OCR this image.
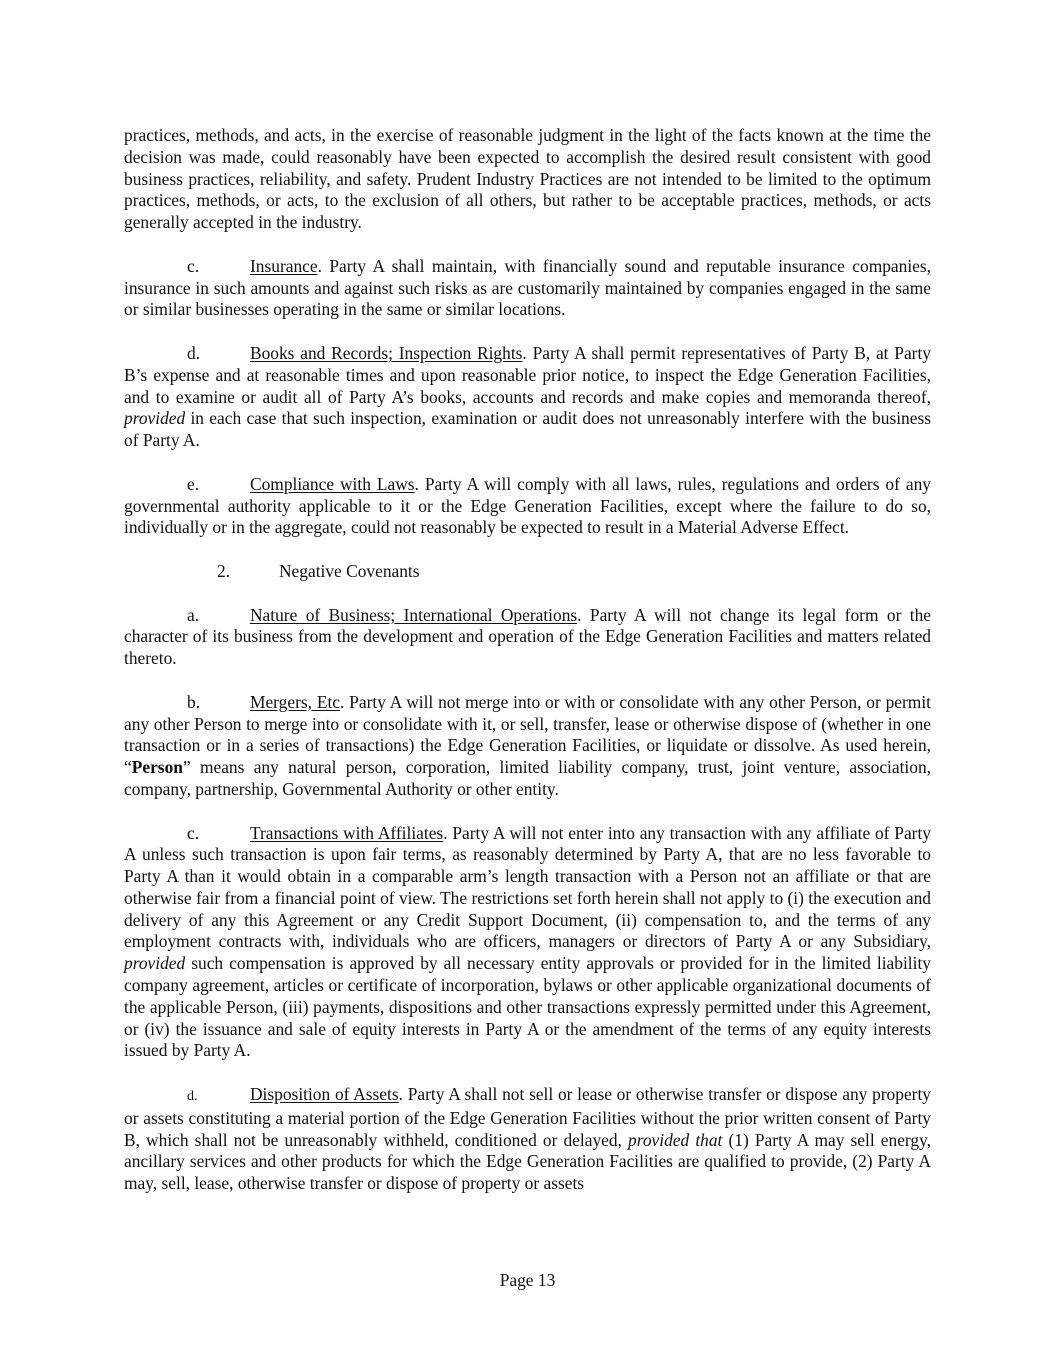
practices, methods, and acts, in the exercise of reasonable judgment in the light of the facts known at the time the decision was made, could reasonably have been expected to accomplish the desired result consistent with good business practices, reliability, and safety. Prudent Industry Practices are not intended to be limited to the optimum practices, methods, or acts, to the exclusion of all others, but rather to be acceptable practices, methods, or acts generally accepted in the industry.

c.	Insurance. Party A shall maintain, with financially sound and reputable insurance companies, insurance in such amounts and against such risks as are customarily maintained by companies engaged in the same or similar businesses operating in the same or similar locations.

d.	Books and Records; Inspection Rights. Party A shall permit representatives of Party B, at Party B’s expense and at reasonable times and upon reasonable prior notice, to inspect the Edge Generation Facilities, and to examine or audit all of Party A’s books, accounts and records and make copies and memoranda thereof, provided in each case that such inspection, examination or audit does not unreasonably interfere with the business of Party A.

e.	Compliance with Laws. Party A will comply with all laws, rules, regulations and orders of any governmental authority applicable to it or the Edge Generation Facilities, except where the failure to do so, individually or in the aggregate, could not reasonably be expected to result in a Material Adverse Effect.

2.	Negative Covenants

a.	Nature of Business; International Operations. Party A will not change its legal form or the character of its business from the development and operation of the Edge Generation Facilities and matters related thereto.

b.	Mergers, Etc. Party A will not merge into or with or consolidate with any other Person, or permit any other Person to merge into or consolidate with it, or sell, transfer, lease or otherwise dispose of (whether in one transaction or in a series of transactions) the Edge Generation Facilities, or liquidate or dissolve. As used herein, “Person” means any natural person, corporation, limited liability company, trust, joint venture, association, company, partnership, Governmental Authority or other entity.

c.	Transactions with Affiliates. Party A will not enter into any transaction with any affiliate of Party A unless such transaction is upon fair terms, as reasonably determined by Party A, that are no less favorable to Party A than it would obtain in a comparable arm’s length transaction with a Person not an affiliate or that are otherwise fair from a financial point of view. The restrictions set forth herein shall not apply to (i) the execution and delivery of any this Agreement or any Credit Support Document, (ii) compensation to, and the terms of any employment contracts with, individuals who are officers, managers or directors of Party A or any Subsidiary, provided such compensation is approved by all necessary entity approvals or provided for in the limited liability company agreement, articles or certificate of incorporation, bylaws or other applicable organizational documents of the applicable Person, (iii) payments, dispositions and other transactions expressly permitted under this Agreement, or (iv) the issuance and sale of equity interests in Party A or the amendment of the terms of any equity interests issued by Party A.

d.	Disposition of Assets. Party A shall not sell or lease or otherwise transfer or dispose any property or assets constituting a material portion of the Edge Generation Facilities without the prior written consent of Party B, which shall not be unreasonably withheld, conditioned or delayed, provided that (1) Party A may sell energy, ancillary services and other products for which the Edge Generation Facilities are qualified to provide, (2) Party A may, sell, lease, otherwise transfer or dispose of property or assets

Page 13
